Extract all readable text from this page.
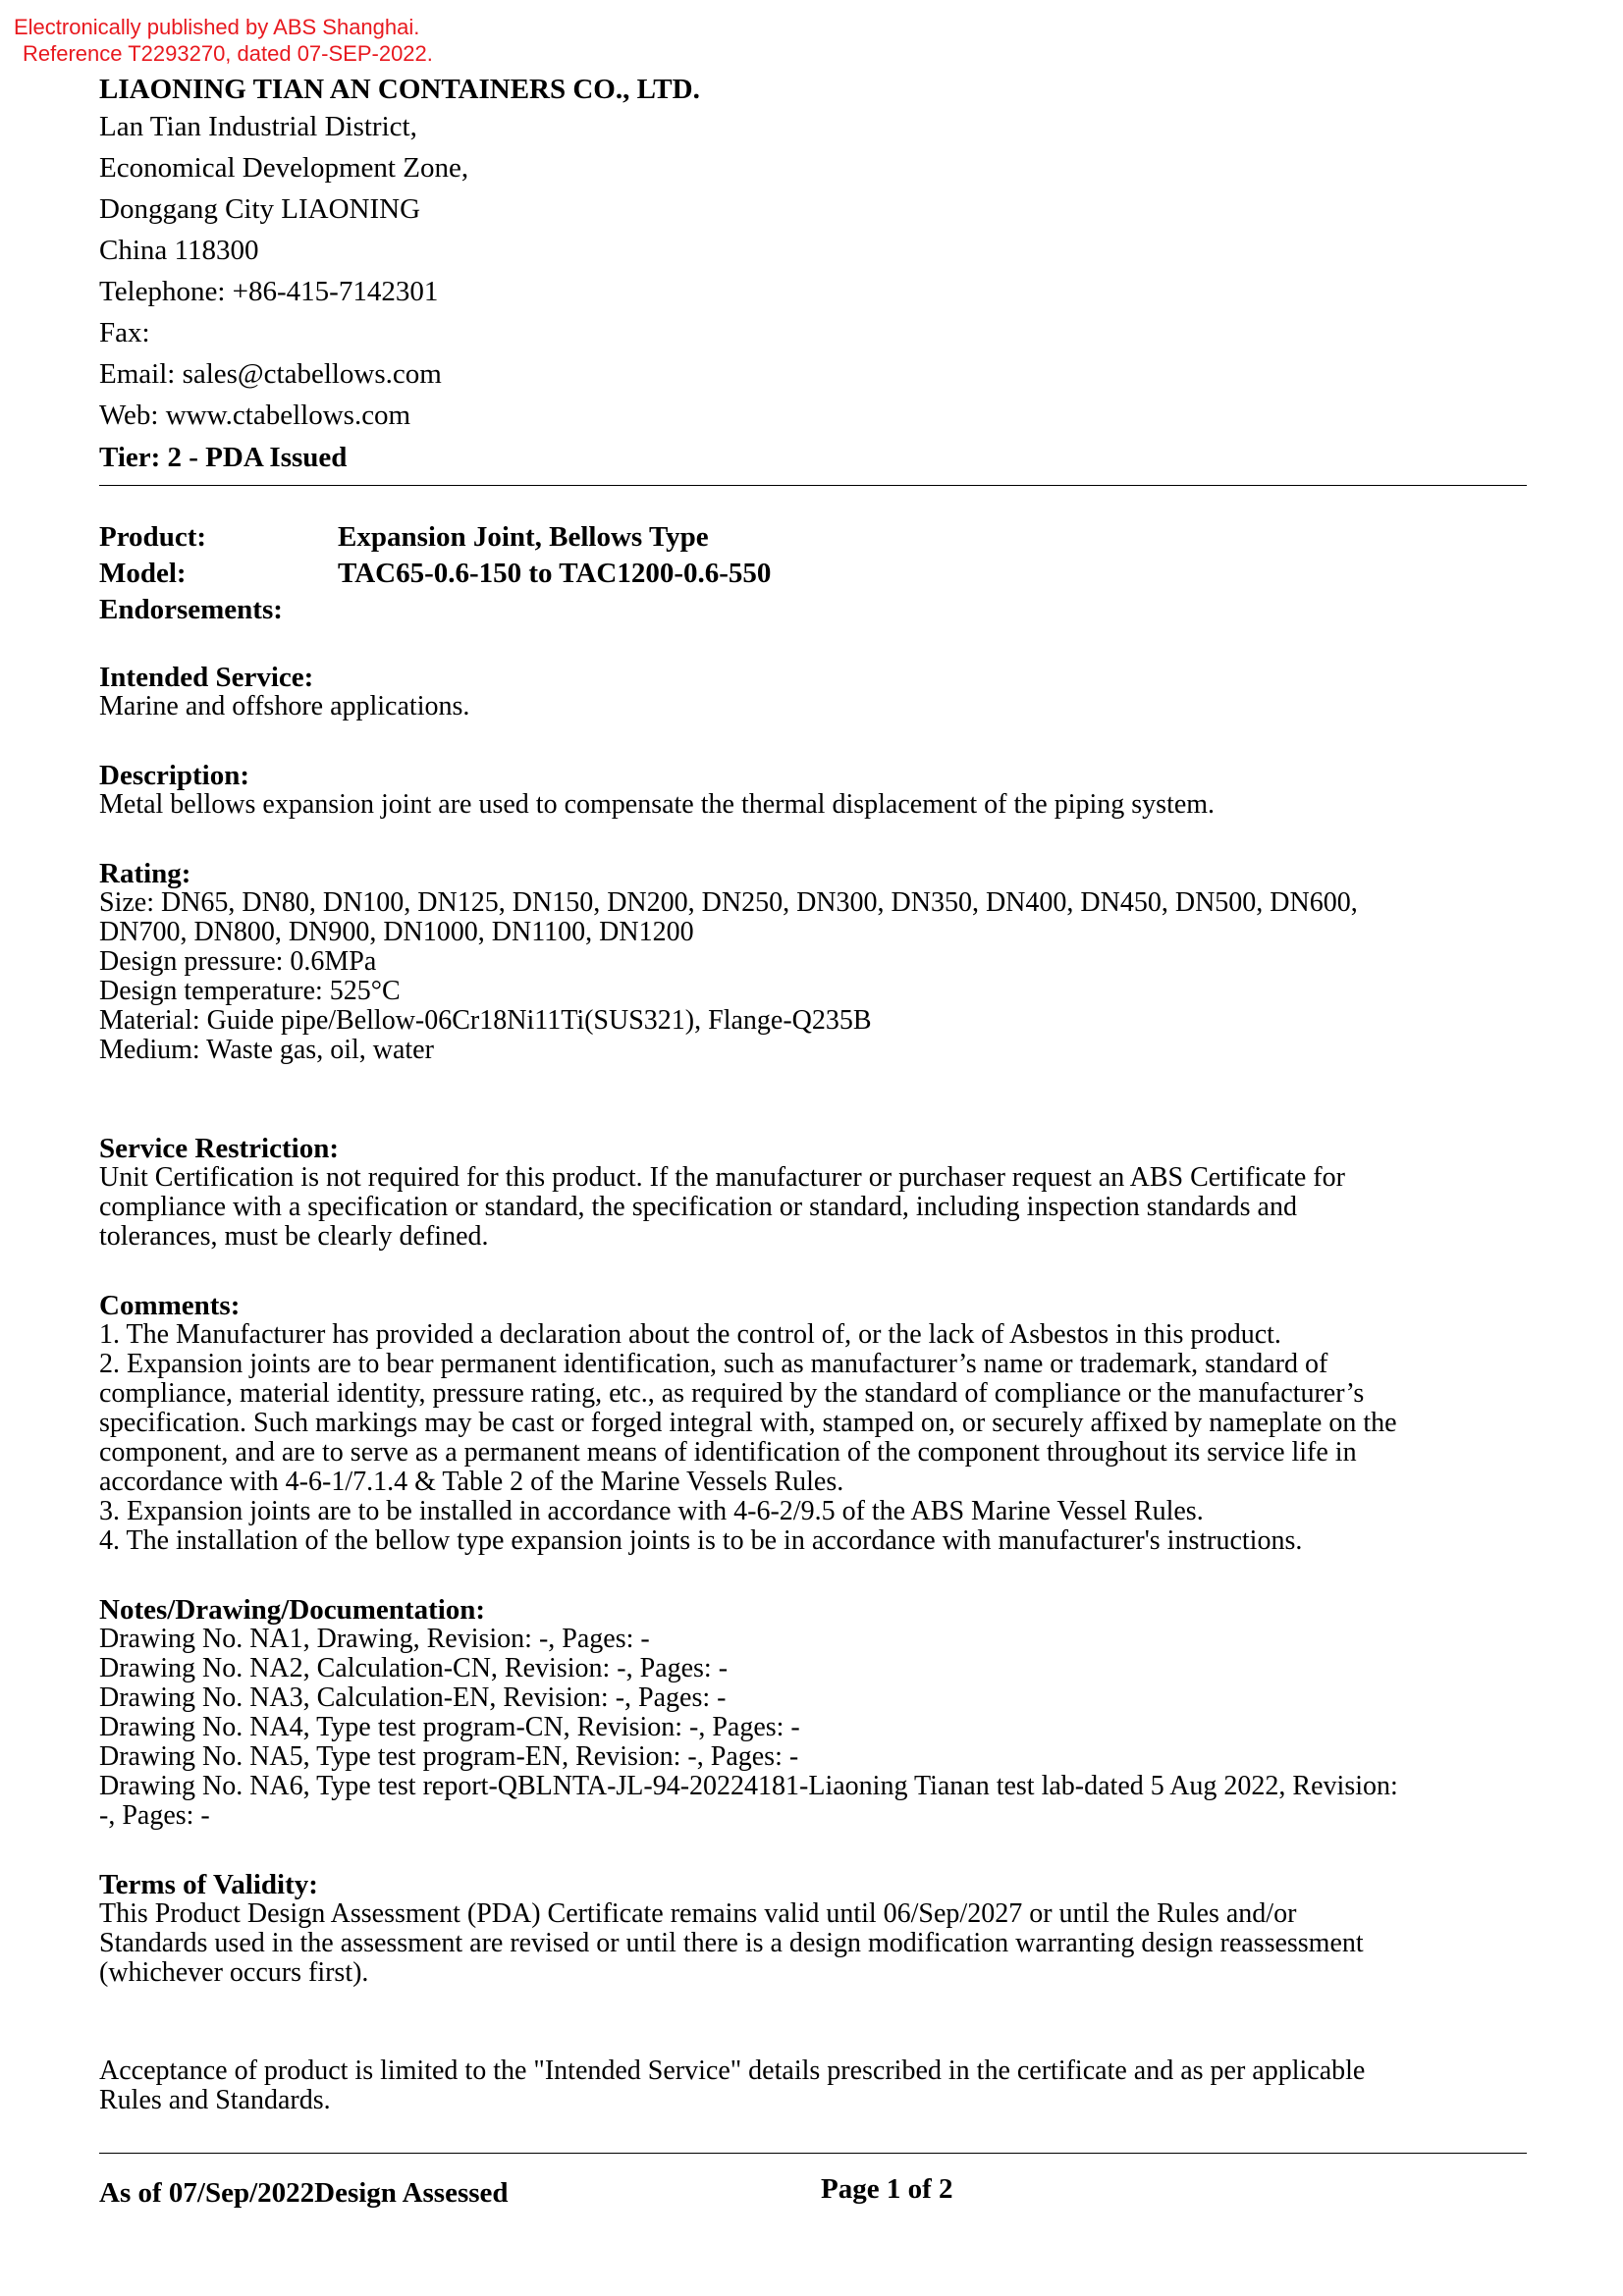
Electronically published by ABS Shanghai.
Reference T2293270, dated 07-SEP-2022.
LIAONING TIAN AN CONTAINERS CO., LTD.
Lan Tian Industrial District,
Economical Development Zone,
Donggang City LIAONING
China 118300
Telephone: +86-415-7142301
Fax:
Email: sales@ctabellows.com
Web: www.ctabellows.com
Tier: 2 - PDA Issued
Product:	Expansion Joint, Bellows Type
Model:	TAC65-0.6-150 to TAC1200-0.6-550
Endorsements:
Intended Service:

Marine and offshore applications.

Description:

Metal bellows expansion joint are used to compensate the thermal displacement of the piping system.

Rating:

Size: DN65, DN80, DN100, DN125, DN150, DN200, DN250, DN300, DN350, DN400, DN450, DN500, DN600,

DN700, DN800, DN900, DN1000, DN1100, DN1200

Design pressure: 0.6MPa

Design temperature: 525°C

Material: Guide pipe/Bellow-06Cr18Ni11Ti(SUS321), Flange-Q235B

Medium: Waste gas, oil, water

Service Restriction:

Unit Certification is not required for this product. If the manufacturer or purchaser request an ABS Certificate for

compliance with a specification or standard, the specification or standard, including inspection standards and

tolerances, must be clearly defined.

Comments:

1. The Manufacturer has provided a declaration about the control of, or the lack of Asbestos in this product.

2. Expansion joints are to bear permanent identification, such as manufacturer’s name or trademark, standard of

compliance, material identity, pressure rating, etc., as required by the standard of compliance or the manufacturer’s

specification. Such markings may be cast or forged integral with, stamped on, or securely affixed by nameplate on the

component, and are to serve as a permanent means of identification of the component throughout its service life in

accordance with 4-6-1/7.1.4 & Table 2 of the Marine Vessels Rules.

3. Expansion joints are to be installed in accordance with 4-6-2/9.5 of the ABS Marine Vessel Rules.

4. The installation of the bellow type expansion joints is to be in accordance with manufacturer's instructions.

Notes/Drawing/Documentation:

Drawing No. NA1, Drawing, Revision: -, Pages: -

Drawing No. NA2, Calculation-CN, Revision: -, Pages: -

Drawing No. NA3, Calculation-EN, Revision: -, Pages: -

Drawing No. NA4, Type test program-CN, Revision: -, Pages: -

Drawing No. NA5, Type test program-EN, Revision: -, Pages: -

Drawing No. NA6, Type test report-QBLNTA-JL-94-20224181-Liaoning Tianan test lab-dated 5 Aug 2022, Revision:

-, Pages: -

Terms of Validity:

This Product Design Assessment (PDA) Certificate remains valid until 06/Sep/2027 or until the Rules and/or

Standards used in the assessment are revised or until there is a design modification warranting design reassessment

(whichever occurs first).

Acceptance of product is limited to the "Intended Service" details prescribed in the certificate and as per applicable

Rules and Standards.

As of 07/Sep/2022Design Assessed	Page 1 of 2
